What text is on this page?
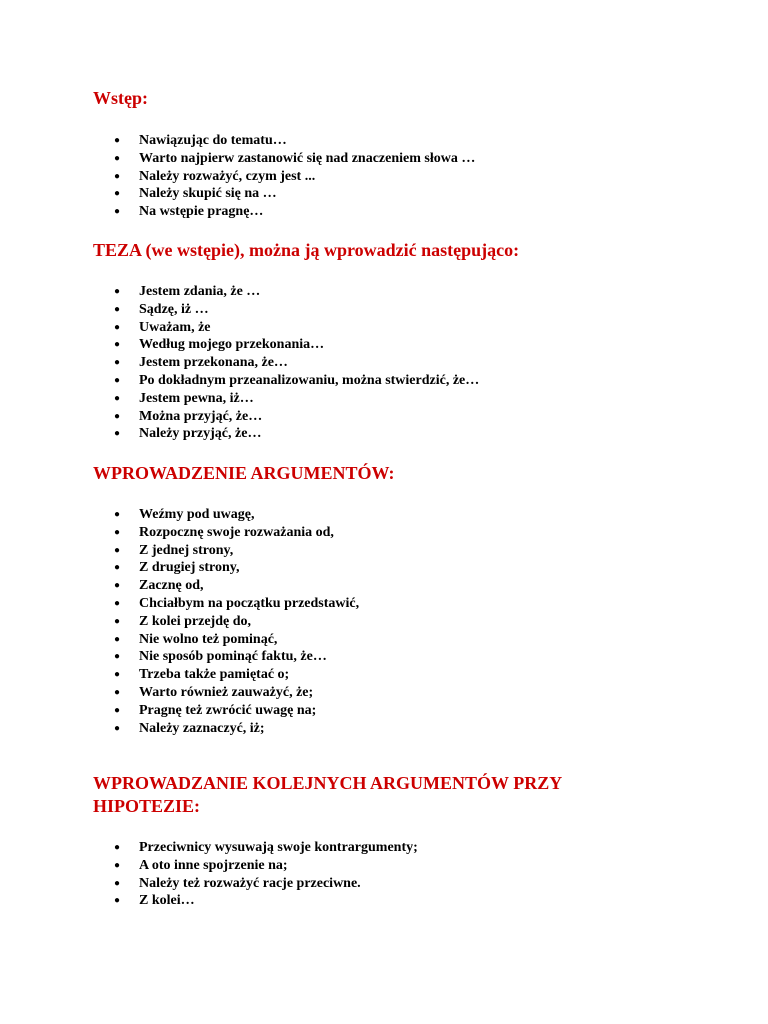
Wstęp:
● Nawiązując do tematu…
● Warto najpierw zastanowić się nad znaczeniem słowa …
● Należy rozważyć, czym jest ...
● Należy skupić się na …
● Na wstępie pragnę…
TEZA (we wstępie), można ją wprowadzić następująco:
● Jestem zdania, że …
● Sądzę, iż …
● Uważam, że
● Według mojego przekonania…
● Jestem przekonana, że…
● Po dokładnym przeanalizowaniu, można stwierdzić, że…
● Jestem pewna, iż…
● Można przyjąć, że…
● Należy przyjąć, że…
WPROWADZENIE ARGUMENTÓW:
● Weźmy pod uwagę,
● Rozpocznę swoje rozważania od,
● Z jednej strony,
● Z drugiej strony,
● Zacznę od,
● Chciałbym na początku przedstawić,
● Z kolei przejdę do,
● Nie wolno też pominąć,
● Nie sposób pominąć faktu, że…
● Trzeba także pamiętać o;
● Warto również zauważyć, że;
● Pragnę też zwrócić uwagę na;
● Należy zaznaczyć, iż;
WPROWADZANIE KOLEJNYCH ARGUMENTÓW PRZY HIPOTEZIE:
● Przeciwnicy wysuwają swoje kontrargumenty;
● A oto inne spojrzenie na;
● Należy też rozważyć racje przeciwne.
● Z kolei…
